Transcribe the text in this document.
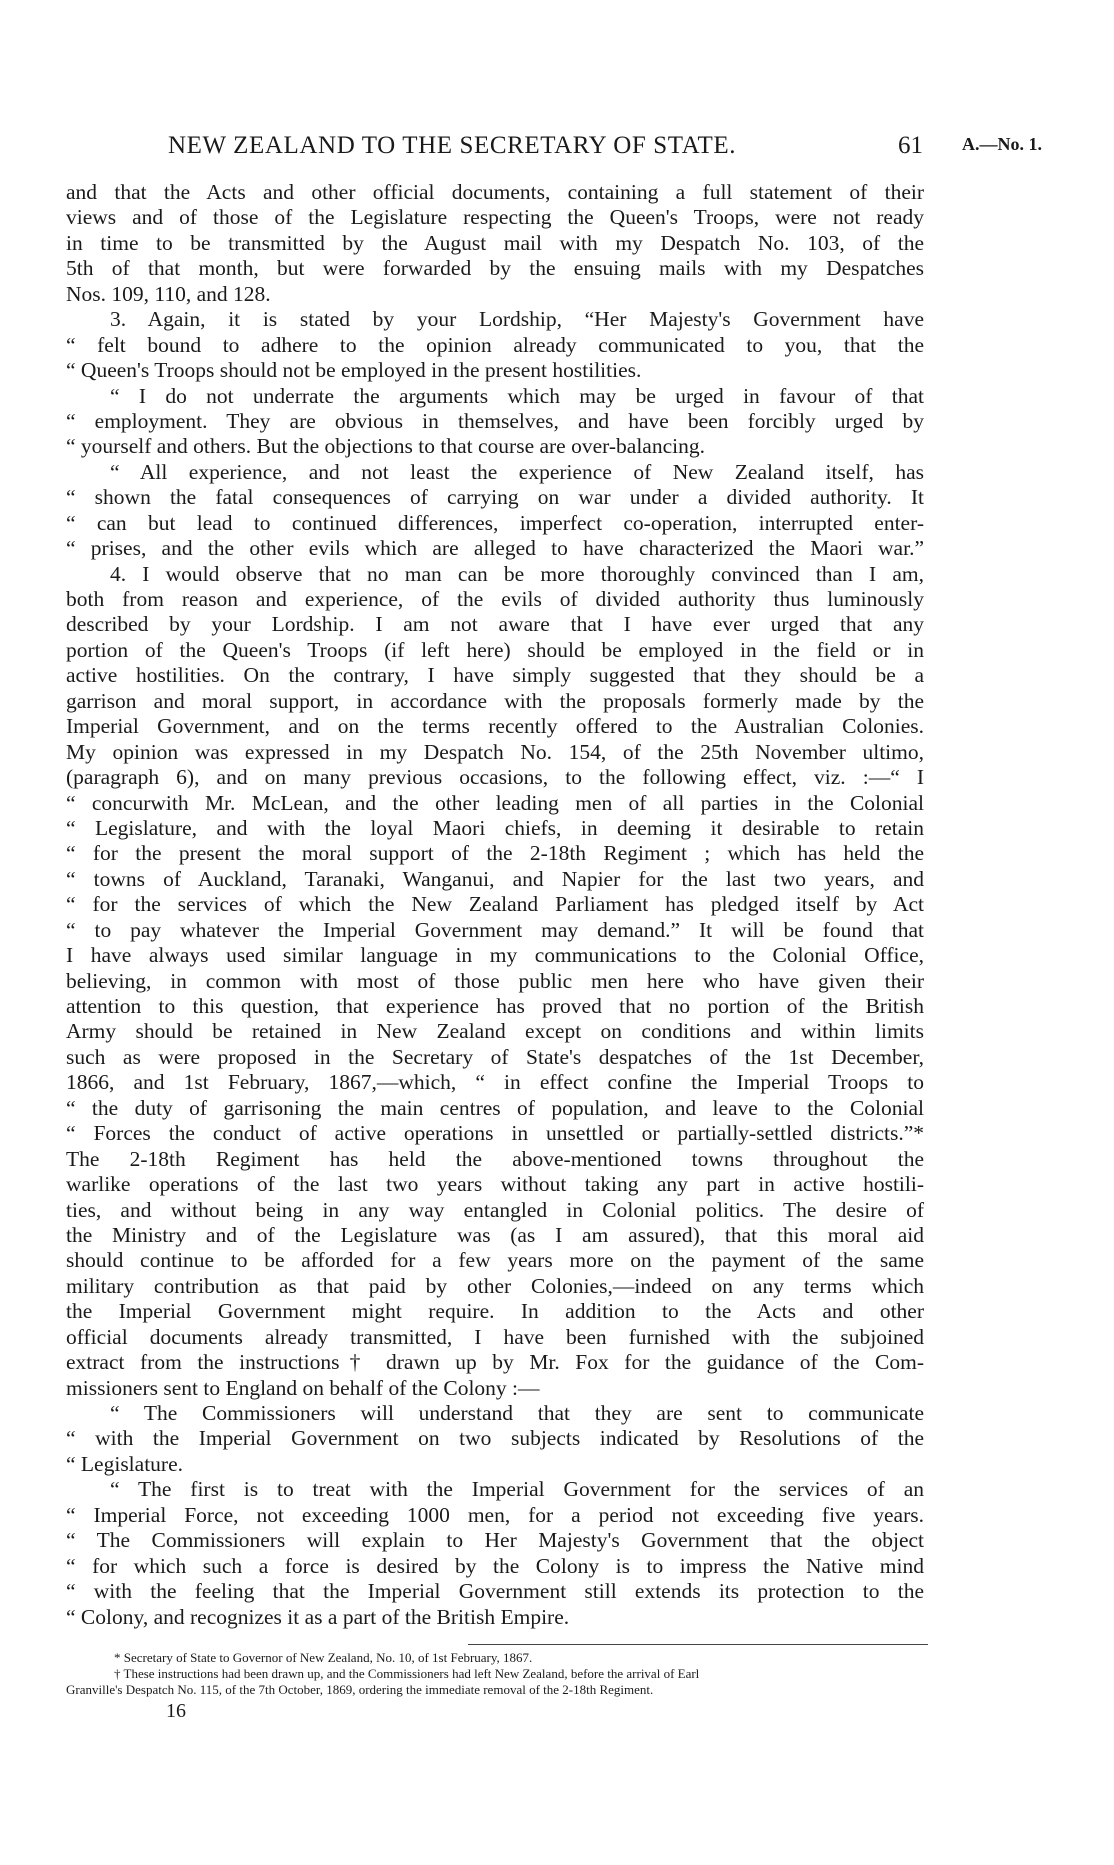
NEW ZEALAND TO THE SECRETARY OF STATE.	61 A.—No. 1.
and that the Acts and other official documents, containing a full statement of their
views and of those of the Legislature respecting the Queen's Troops, were not ready
in time to be transmitted by the August mail with my Despatch No. 103, of the
5th of that month, but were forwarded by the ensuing mails with my Despatches
Nos. 109, 110, and 128.
3. Again, it is stated by your Lordship, “Her Majesty's Government have
“ felt bound to adhere to the opinion already communicated to you, that the
“ Queen's Troops should not be employed in the present hostilities.
“ I do not underrate the arguments which may be urged in favour of that
“ employment. They are obvious in themselves, and have been forcibly urged by
“ yourself and others. But the objections to that course are over-balancing.
“ All experience, and not least the experience of New Zealand itself, has
“ shown the fatal consequences of carrying on war under a divided authority. It
“ can but lead to continued differences, imperfect co-operation, interrupted enter-
“ prises, and the other evils which are alleged to have characterized the Maori war.”
4. I would observe that no man can be more thoroughly convinced than I am,
both from reason and experience, of the evils of divided authority thus luminously
described by your Lordship. I am not aware that I have ever urged that any
portion of the Queen's Troops (if left here) should be employed in the field or in
active hostilities. On the contrary, I have simply suggested that they should be a
garrison and moral support, in accordance with the proposals formerly made by the
Imperial Government, and on the terms recently offered to the Australian Colonies.
My opinion was expressed in my Despatch No. 154, of the 25th November ultimo,
(paragraph 6), and on many previous occasions, to the following effect, viz. :—“ I
“ concurwith Mr. McLean, and the other leading men of all parties in the Colonial
“ Legislature, and with the loyal Maori chiefs, in deeming it desirable to retain
“ for the present the moral support of the 2-18th Regiment ; which has held the
“ towns of Auckland, Taranaki, Wanganui, and Napier for the last two years, and
“ for the services of which the New Zealand Parliament has pledged itself by Act
“ to pay whatever the Imperial Government may demand.” It will be found that
I have always used similar language in my communications to the Colonial Office,
believing, in common with most of those public men here who have given their
attention to this question, that experience has proved that no portion of the British
Army should be retained in New Zealand except on conditions and within limits
such as were proposed in the Secretary of State's despatches of the 1st December,
1866, and 1st February, 1867,—which, “ in effect confine the Imperial Troops to
“ the duty of garrisoning the main centres of population, and leave to the Colonial
“ Forces the conduct of active operations in unsettled or partially-settled districts.”*
The 2-18th Regiment has held the above-mentioned towns throughout the
warlike operations of the last two years without taking any part in active hostili-
ties, and without being in any way entangled in Colonial politics. The desire of
the Ministry and of the Legislature was (as I am assured), that this moral aid
should continue to be afforded for a few years more on the payment of the same
military contribution as that paid by other Colonies,—indeed on any terms which
the Imperial Government might require. In addition to the Acts and other
official documents already transmitted, I have been furnished with the subjoined
extract from the instructions† drawn up by Mr. Fox for the guidance of the Com-
missioners sent to England on behalf of the Colony :—
“ The Commissioners will understand that they are sent to communicate
“ with the Imperial Government on two subjects indicated by Resolutions of the
“ Legislature.
“ The first is to treat with the Imperial Government for the services of an
“ Imperial Force, not exceeding 1000 men, for a period not exceeding five years.
“ The Commissioners will explain to Her Majesty's Government that the object
“ for which such a force is desired by the Colony is to impress the Native mind
“ with the feeling that the Imperial Government still extends its protection to the
“ Colony, and recognizes it as a part of the British Empire.
* Secretary of State to Governor of New Zealand, No. 10, of 1st February, 1867.
† These instructions had been drawn up, and the Commissioners had left New Zealand, before the arrival of Earl
Granville's Despatch No. 115, of the 7th October, 1869, ordering the immediate removal of the 2-18th Regiment.
16
